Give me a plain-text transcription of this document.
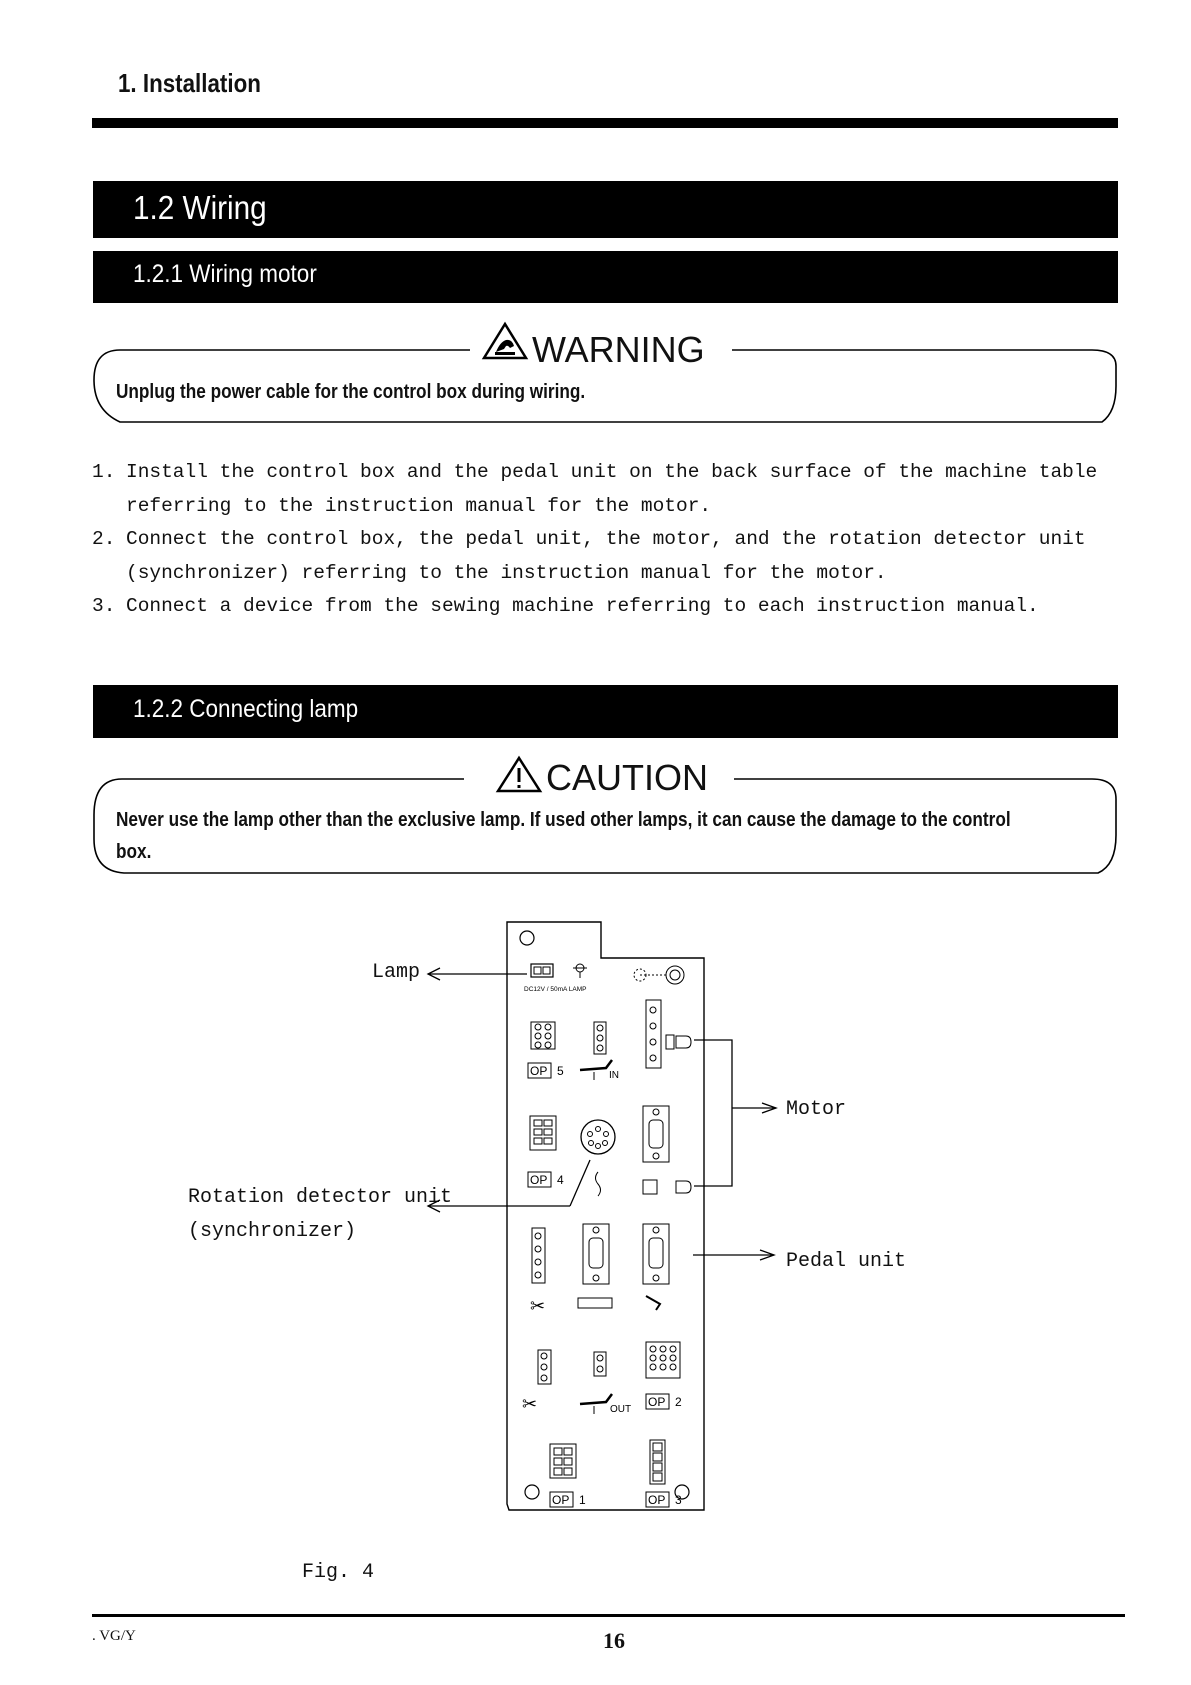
1. Installation
1.2 Wiring
1.2.1 Wiring motor
WARNING
Unplug the power cable for the control box during wiring.
1. Install the control box and the pedal unit on the back surface of the machine table referring to the instruction manual for the motor.
2. Connect the control box, the pedal unit, the motor, and the rotation detector unit (synchronizer) referring to the instruction manual for the motor.
3. Connect a device from the sewing machine referring to each instruction manual.
1.2.2 Connecting lamp
CAUTION
Never use the lamp other than the exclusive lamp. If used other lamps, it can cause the damage to the control
box.
Lamp
Motor
Rotation detector unit
(synchronizer)
Pedal unit
Fig. 4
DC12V / 50mA LAMP
OP 5	IN
OP 4
✂
✂	OUT
OP 2
OP 1	OP 3
. VG/Y	16
